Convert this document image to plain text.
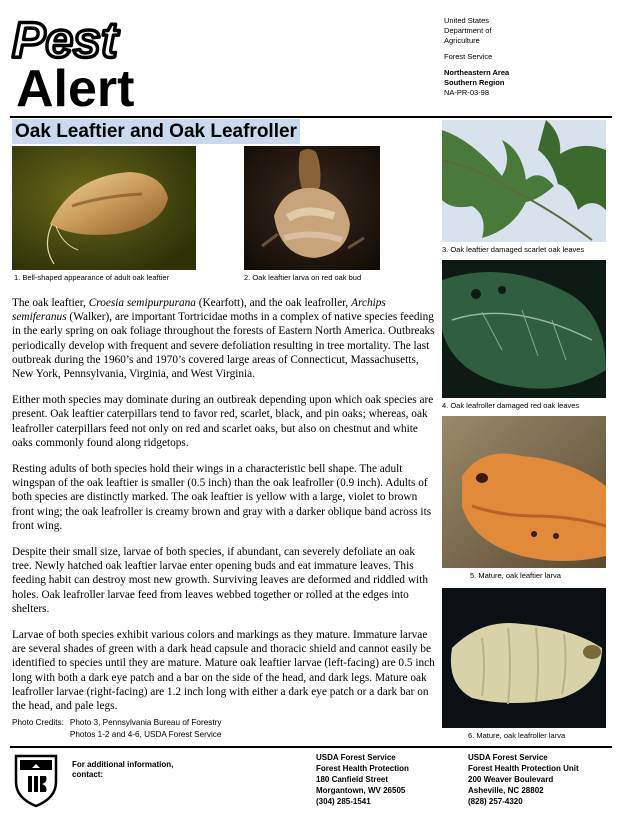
Pest
Alert
United States
Department of
Agriculture
Forest Service
Northeastern Area
Southern Region
NA-PR-03-98
Oak Leaftier and Oak Leafroller
1. Bell-shaped appearance of adult oak leaftier	2. Oak leaftier larva on red oak bud
3. Oak leaftier damaged scarlet oak leaves
4. Oak leafroller damaged red oak leaves
5. Mature, oak leaftier larva
6. Mature, oak leafroller larva

The oak leaftier, Croesia semipurpurana (Kearfott), and the oak leafroller, Archips semiferanus (Walker), are important Tortricidae moths in a complex of native species feeding in the early spring on oak foliage throughout the forests of Eastern North America. Outbreaks periodically develop with frequent and severe defoliation resulting in tree mortality. The last outbreak during the 1960’s and 1970’s covered large areas of Connecticut, Massachusetts, New York, Pennsylvania, Virginia, and West Virginia.

Either moth species may dominate during an outbreak depending upon which oak species are present. Oak leaftier caterpillars tend to favor red, scarlet, black, and pin oaks; whereas, oak leafroller caterpillars feed not only on red and scarlet oaks, but also on chestnut and white oaks commonly found along ridgetops.

Resting adults of both species hold their wings in a characteristic bell shape. The adult wingspan of the oak leaftier is smaller (0.5 inch) than the oak leafroller (0.9 inch). Adults of both species are distinctly marked. The oak leaftier is yellow with a large, violet to brown front wing; the oak leafroller is creamy brown and gray with a darker oblique band across its front wing.

Despite their small size, larvae of both species, if abundant, can severely defoliate an oak tree. Newly hatched oak leaftier larvae enter opening buds and eat immature leaves. This feeding habit can destroy most new growth. Surviving leaves are deformed and riddled with holes. Oak leafroller larvae feed from leaves webbed together or rolled at the edges into shelters.

Larvae of both species exhibit various colors and markings as they mature. Immature larvae are several shades of green with a dark head capsule and thoracic shield and cannot easily be identified to species until they are mature. Mature oak leaftier larvae (left-facing) are 0.5 inch long with both a dark eye patch and a bar on the side of the head, and dark legs. Mature oak leafroller larvae (right-facing) are 1.2 inch long with either a dark eye patch or a dark bar on the head, and pale legs.

Photo Credits:	Photo 3, Pennsylvania Bureau of Forestry
	Photos 1-2 and 4-6, USDA Forest Service
For additional information,
contact:
USDA Forest Service
Forest Health Protection
180 Canfield Street
Morgantown, WV 26505
(304) 285-1541
USDA Forest Service
Forest Health Protection Unit
200 Weaver Boulevard
Asheville, NC 28802
(828) 257-4320
